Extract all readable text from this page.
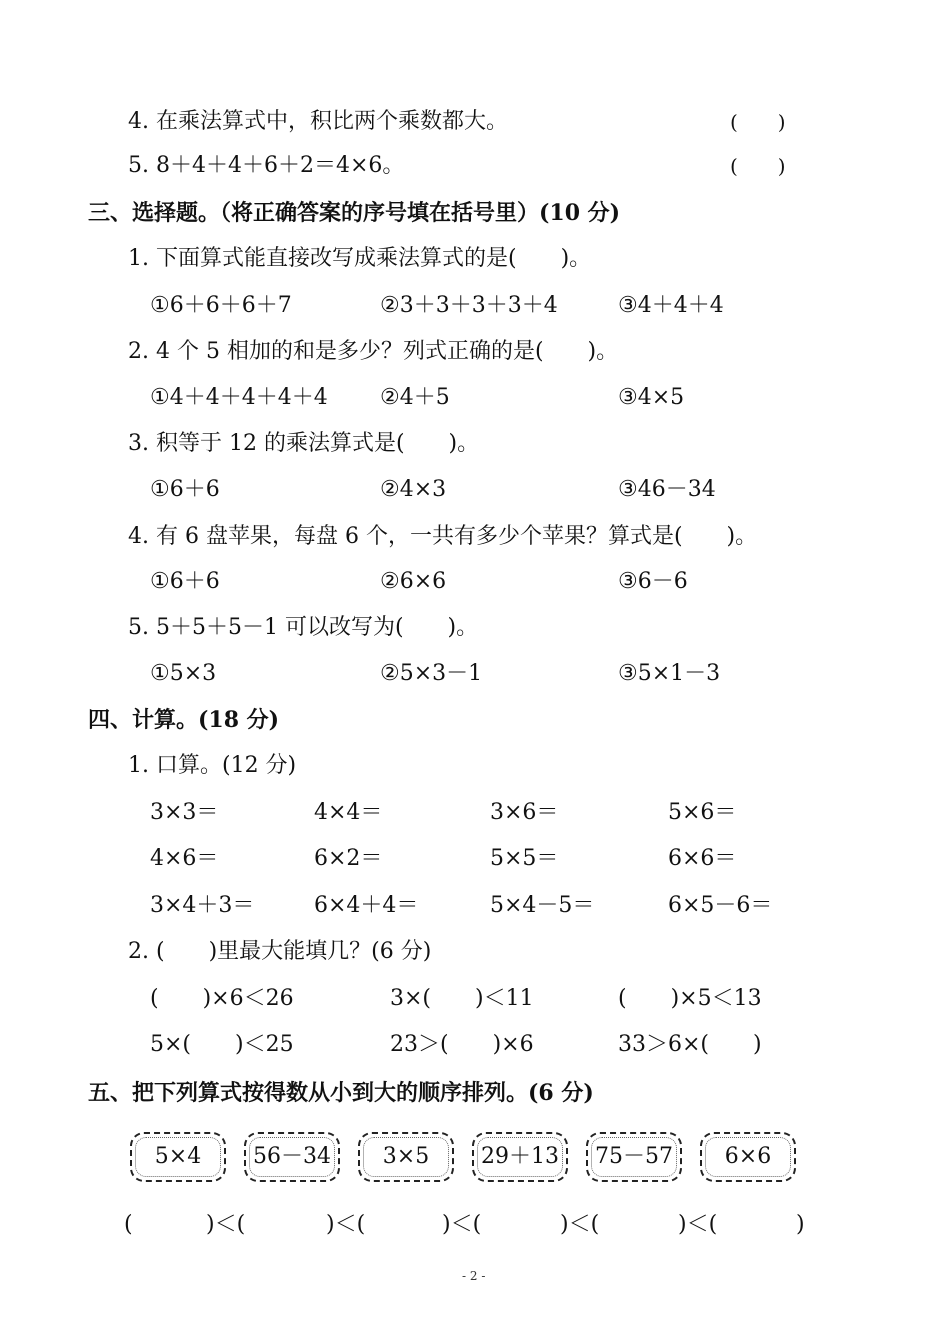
4. 在乘法算式中，积比两个乘数都大。	(　　)
5. 8＋4＋4＋6＋2＝4×6。	(　　)
三、选择题。（将正确答案的序号填在括号里）(10 分)
1. 下面算式能直接改写成乘法算式的是(　　)。
①6＋6＋6＋7	②3＋3＋3＋3＋4	③4＋4＋4
2. 4 个 5 相加的和是多少？列式正确的是(　　)。
①4＋4＋4＋4＋4 ②4＋5	③4×5
3. 积等于 12 的乘法算式是(　　)。
①6＋6	②4×3	③46－34
4. 有 6 盘苹果，每盘 6 个，一共有多少个苹果？算式是(　　)。
①6＋6	②6×6	③6－6
5. 5＋5＋5－1 可以改写为(　　)。
①5×3	②5×3－1	③5×1－3
四、计算。(18 分)
1. 口算。(12 分)
3×3＝	4×4＝	3×6＝	5×6＝
4×6＝	6×2＝	5×5＝	6×6＝
3×4＋3＝	6×4＋4＝	5×4－5＝	6×5－6＝
2. (　　)里最大能填几？(6 分)
(　　)×6＜26	3×(　　)＜11	(　　)×5＜13
5×(　　)＜25	23＞(　　)×6	33＞6×(　　)
五、把下列算式按得数从小到大的顺序排列。(6 分)
5×4 56－34 3×5 29＋13 75－57 6×6
(	)＜(	)＜(	)＜(	)＜(	)＜(	)
- 2 -
